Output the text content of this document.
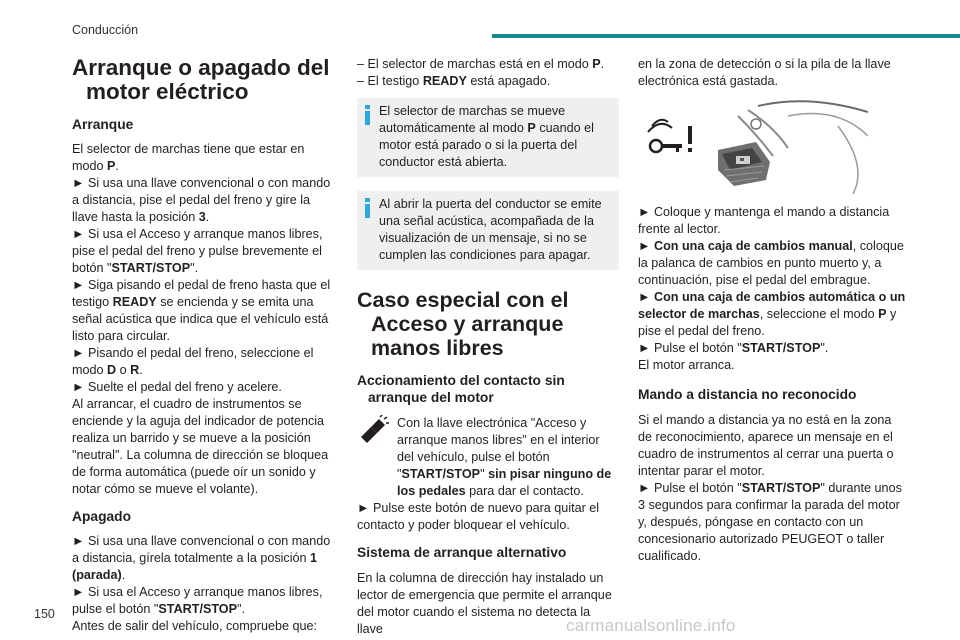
Conducción
Arranque o apagado del motor eléctrico
Arranque

El selector de marchas tiene que estar en modo P.

► Si usa una llave convencional o con mando a distancia, pise el pedal del freno y gire la llave hasta la posición 3.

► Si usa el Acceso y arranque manos libres, pise el pedal del freno y pulse brevemente el botón "START/STOP".

► Siga pisando el pedal de freno hasta que el testigo READY se encienda y se emita una señal acústica que indica que el vehículo está listo para circular.

► Pisando el pedal del freno, seleccione el modo D o R.

► Suelte el pedal del freno y acelere.

Al arrancar, el cuadro de instrumentos se enciende y la aguja del indicador de potencia realiza un barrido y se mueve a la posición "neutral". La columna de dirección se bloquea de forma automática (puede oír un sonido y notar cómo se mueve el volante).

Apagado

► Si usa una llave convencional o con mando a distancia, gírela totalmente a la posición 1 (parada).

► Si usa el Acceso y arranque manos libres, pulse el botón "START/STOP".

Antes de salir del vehículo, compruebe que:

– El selector de marchas está en el modo P.

– El testigo READY está apagado.

El selector de marchas se mueve automáticamente al modo P cuando el motor está parado o si la puerta del conductor está abierta.

Al abrir la puerta del conductor se emite una señal acústica, acompañada de la visualización de un mensaje, si no se cumplen las condiciones para apagar.

Caso especial con el Acceso y arranque manos libres
Accionamiento del contacto sin arranque del motor

Con la llave electrónica "Acceso y arranque manos libres" en el interior del vehículo, pulse el botón "START/STOP" sin pisar ninguno de los pedales para dar el contacto.

► Pulse este botón de nuevo para quitar el contacto y poder bloquear el vehículo.

Sistema de arranque alternativo

En la columna de dirección hay instalado un lector de emergencia que permite el arranque del motor cuando el sistema no detecta la llave

en la zona de detección o si la pila de la llave electrónica está gastada.

► Coloque y mantenga el mando a distancia frente al lector.

► Con una caja de cambios manual, coloque la palanca de cambios en punto muerto y, a continuación, pise el pedal del embrague.

► Con una caja de cambios automática o un selector de marchas, seleccione el modo P y pise el pedal del freno.

► Pulse el botón "START/STOP".

El motor arranca.

Mando a distancia no reconocido

Si el mando a distancia ya no está en la zona de reconocimiento, aparece un mensaje en el cuadro de instrumentos al cerrar una puerta o intentar parar el motor.

► Pulse el botón "START/STOP" durante unos 3 segundos para confirmar la parada del motor y, después, póngase en contacto con un concesionario autorizado PEUGEOT o taller cualificado.

150
carmanualsonline.info
